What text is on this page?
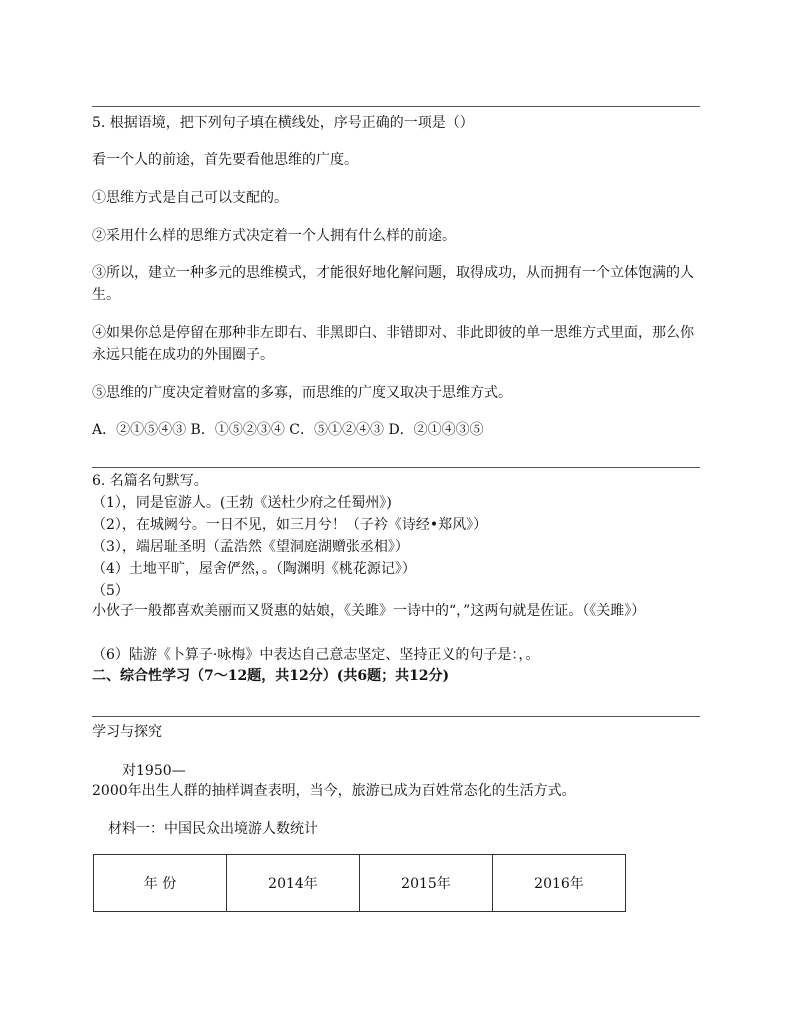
5. 根据语境，把下列句子填在横线处，序号正确的一项是（）
看一个人的前途，首先要看他思维的广度。
①思维方式是自己可以支配的。
②采用什么样的思维方式决定着一个人拥有什么样的前途。
③所以，建立一种多元的思维模式，才能很好地化解问题，取得成功，从而拥有一个立体饱满的人生。
④如果你总是停留在那种非左即右、非黑即白、非错即对、非此即彼的单一思维方式里面，那么你永远只能在成功的外围圈子。
⑤思维的广度决定着财富的多寡，而思维的广度又取决于思维方式。
A．②①⑤④③ B．①⑤②③④ C．⑤①②④③ D．②①④③⑤
6. 名篇名句默写。
（1），同是宦游人。(王勃《送杜少府之任蜀州》)
（2），在城阙兮。一日不见，如三月兮！（子衿《诗经•郑风》）
（3），端居耻圣明（孟浩然《望洞庭湖赠张丞相》）
（4）土地平旷，屋舍俨然，。（陶渊明《桃花源记》）
（5）
小伙子一般都喜欢美丽而又贤惠的姑娘，《关雎》一诗中的“，”这两句就是佐证。（《关雎》）
（6）陆游《卜算子·咏梅》中表达自己意志坚定、坚持正义的句子是：，。
二、综合性学习（7～12题，共12分）(共6题；共12分)
学习与探究
对1950—
2000年出生人群的抽样调查表明，当今，旅游已成为百姓常态化的生活方式。
材料一：中国民众出境游人数统计
年 份	2014年	2015年	2016年
